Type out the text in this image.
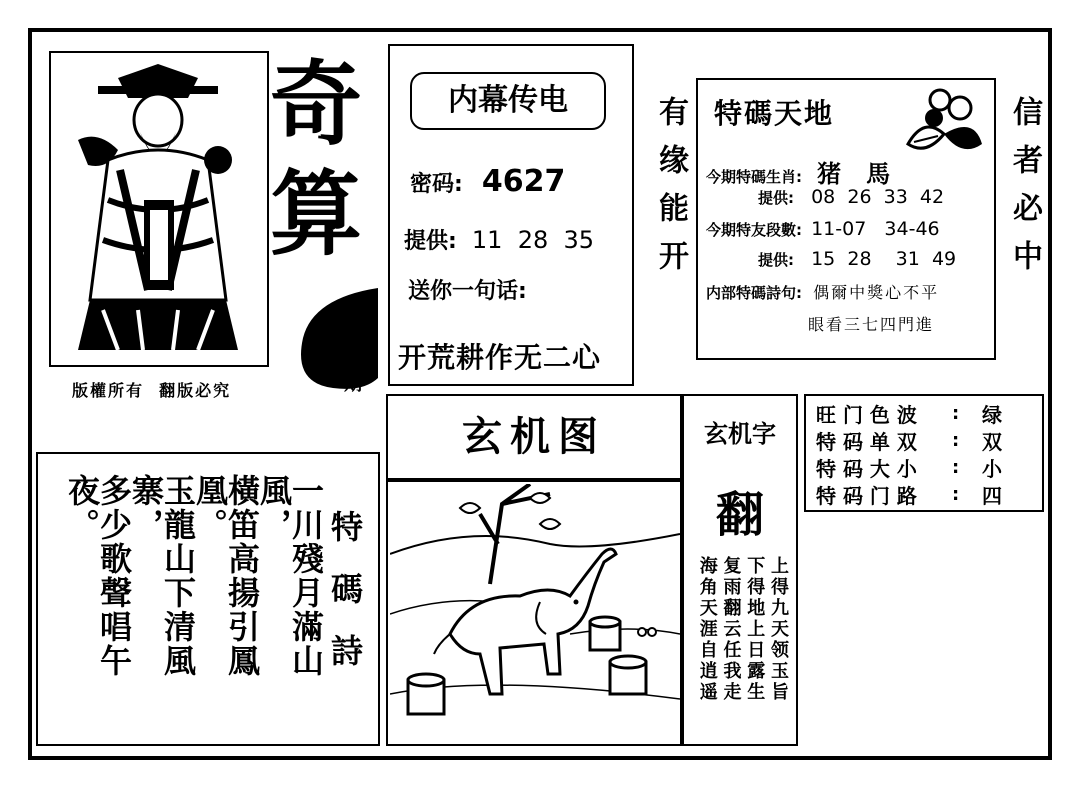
奇
算
期
版權所有  翻版必究
内幕传电
密码: 4627
提供: 11  28  35
送你一句话:
开荒耕作无二心
有缘能开 特碼天地
今期特碼生肖: 猪   馬
提供: 08  26  33  42
今期特友段數: 11-07   34-46
提供: 15  28    31  49
内部特碼詩句: 偶爾中獎心不平
眼看三七四門進
信者必中
玄机图	玄机字
翻
上得九天领玉旨
下得地上日露生
复雨翻云任我走
海角天涯自逍遥
旺 门 色 波	:	绿
特 码 单 双	:	双
特 码 大 小	:	小
特 码 门 路	:	四
特碼詩
一川殘月滿山風，
橫笛高揚引鳳凰。
玉龍山下清風寨，
多少歌聲唱午夜。
